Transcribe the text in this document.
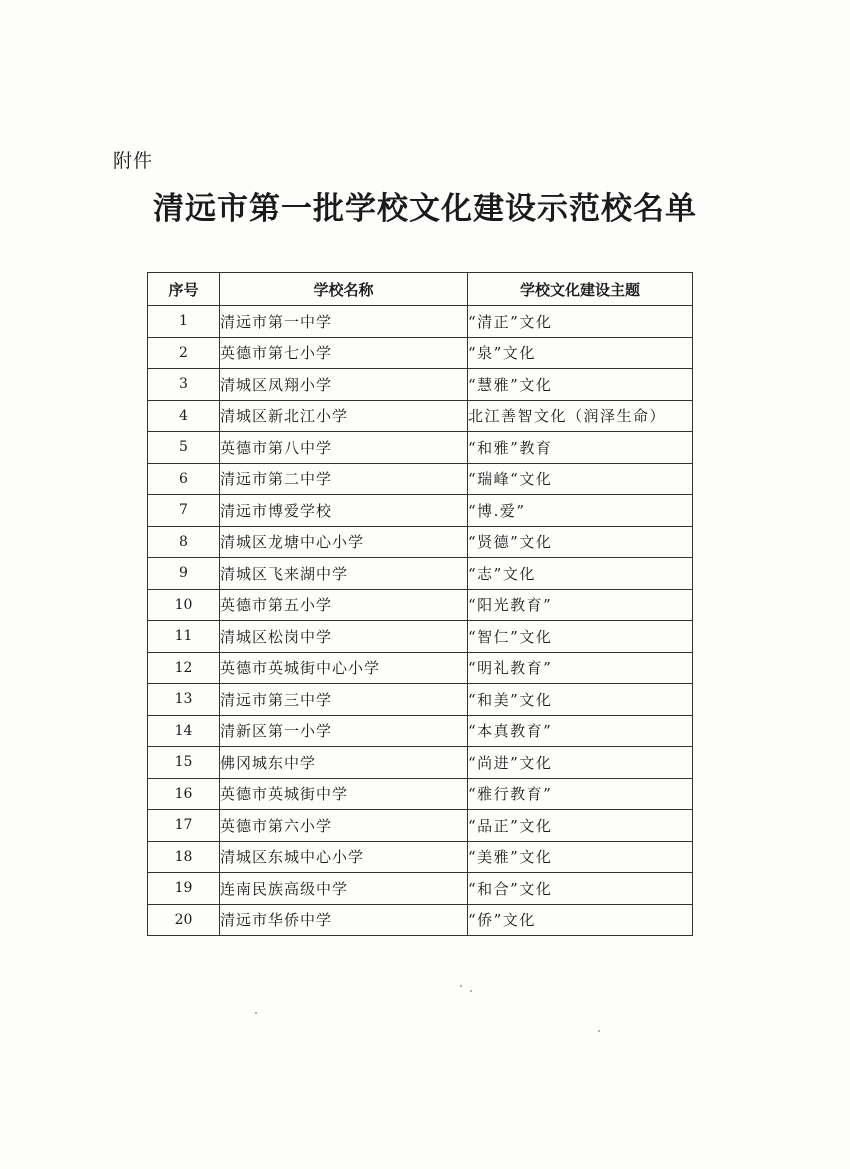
附件
清远市第一批学校文化建设示范校名单
序号	学校名称	学校文化建设主题
1	清远市第一中学	“清正”文化
2	英德市第七小学	“泉”文化
3	清城区凤翔小学	“慧雅”文化
4	清城区新北江小学	北江善智文化（润泽生命）
5	英德市第八中学	“和雅”教育
6	清远市第二中学	“瑞峰“文化
7	清远市博爱学校	“博.爱”
8	清城区龙塘中心小学	“贤德”文化
9	清城区飞来湖中学	“志”文化
10	英德市第五小学	“阳光教育”
11	清城区松岗中学	“智仁”文化
12	英德市英城街中心小学	“明礼教育”
13	清远市第三中学	“和美”文化
14	清新区第一小学	“本真教育”
15	佛冈城东中学	“尚进”文化
16	英德市英城街中学	“雅行教育”
17	英德市第六小学	“品正”文化
18	清城区东城中心小学	“美雅”文化
19	连南民族高级中学	“和合”文化
20	清远市华侨中学	“侨”文化
